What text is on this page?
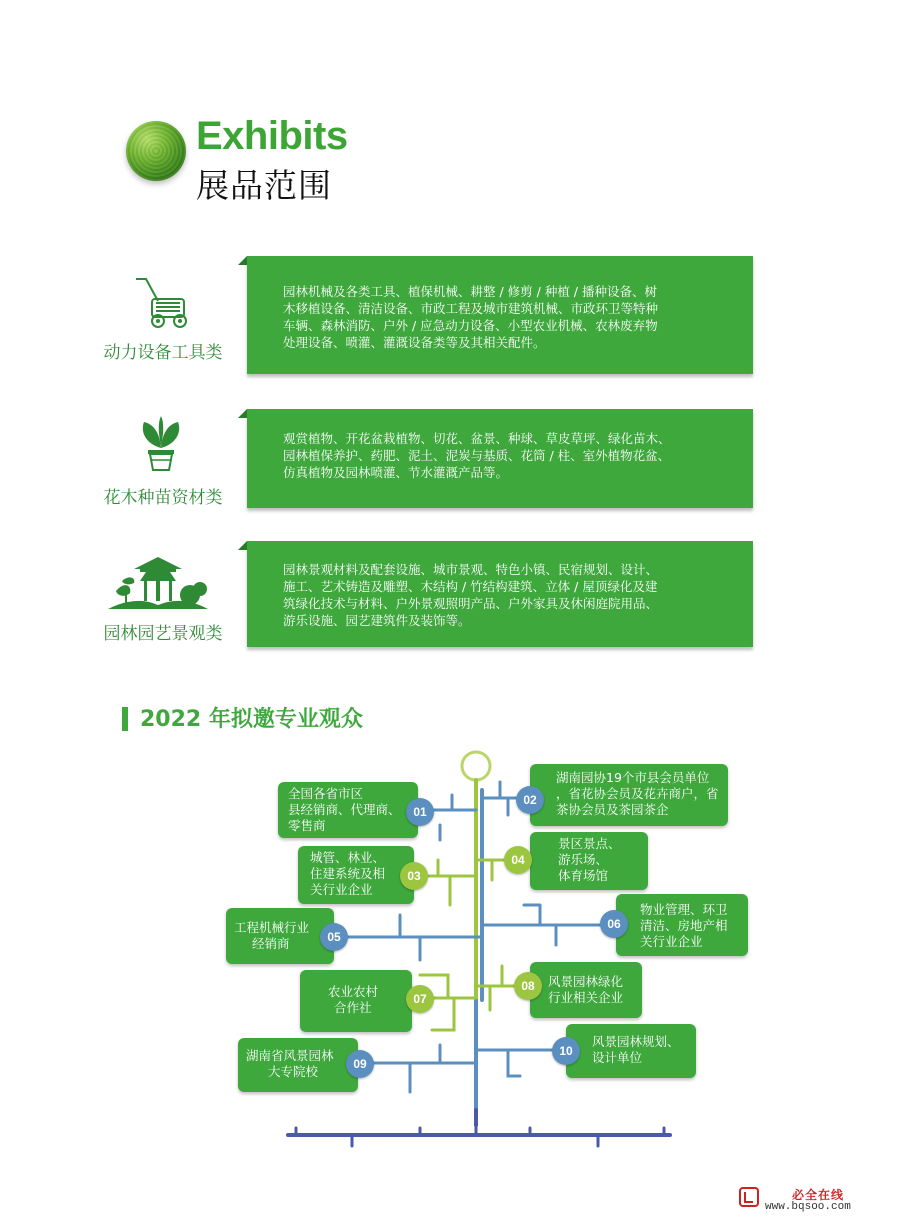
Exhibits
展品范围
动力设备工具类
园林机械及各类工具、植保机械、耕整 / 修剪 / 种植 / 播种设备、树
木移植设备、清洁设备、市政工程及城市建筑机械、市政环卫等特种
车辆、森林消防、户外 / 应急动力设备、小型农业机械、农林废弃物
处理设备、喷灌、灌溉设备类等及其相关配件。
花木种苗资材类
观赏植物、开花盆栽植物、切花、盆景、种球、草皮草坪、绿化苗木、
园林植保养护、药肥、泥土、泥炭与基质、花筒 / 柱、室外植物花盆、
仿真植物及园林喷灌、节水灌溉产品等。
园林园艺景观类
园林景观材料及配套设施、城市景观、特色小镇、民宿规划、设计、
施工、艺术铸造及雕塑、木结构 / 竹结构建筑、立体 / 屋顶绿化及建
筑绿化技术与材料、户外景观照明产品、户外家具及休闲庭院用品、
游乐设施、园艺建筑件及装饰等。
2022 年拟邀专业观众
全国各省市区
县经销商、代理商、
零售商
01
湖南园协19个市县会员单位
，省花协会员及花卉商户，省
茶协会员及茶园茶企
02
城管、林业、
住建系统及相
关行业企业
03
景区景点、
游乐场、
体育场馆
04
工程机械行业
经销商	05
物业管理、环卫
清洁、房地产相
关行业企业
06
农业农村
合作社
07
风景园林绿化
行业相关企业
08
湖南省风景园林
大专院校	09
风景园林规划、
设计单位
10
必全在线
www.bqsoo.com
